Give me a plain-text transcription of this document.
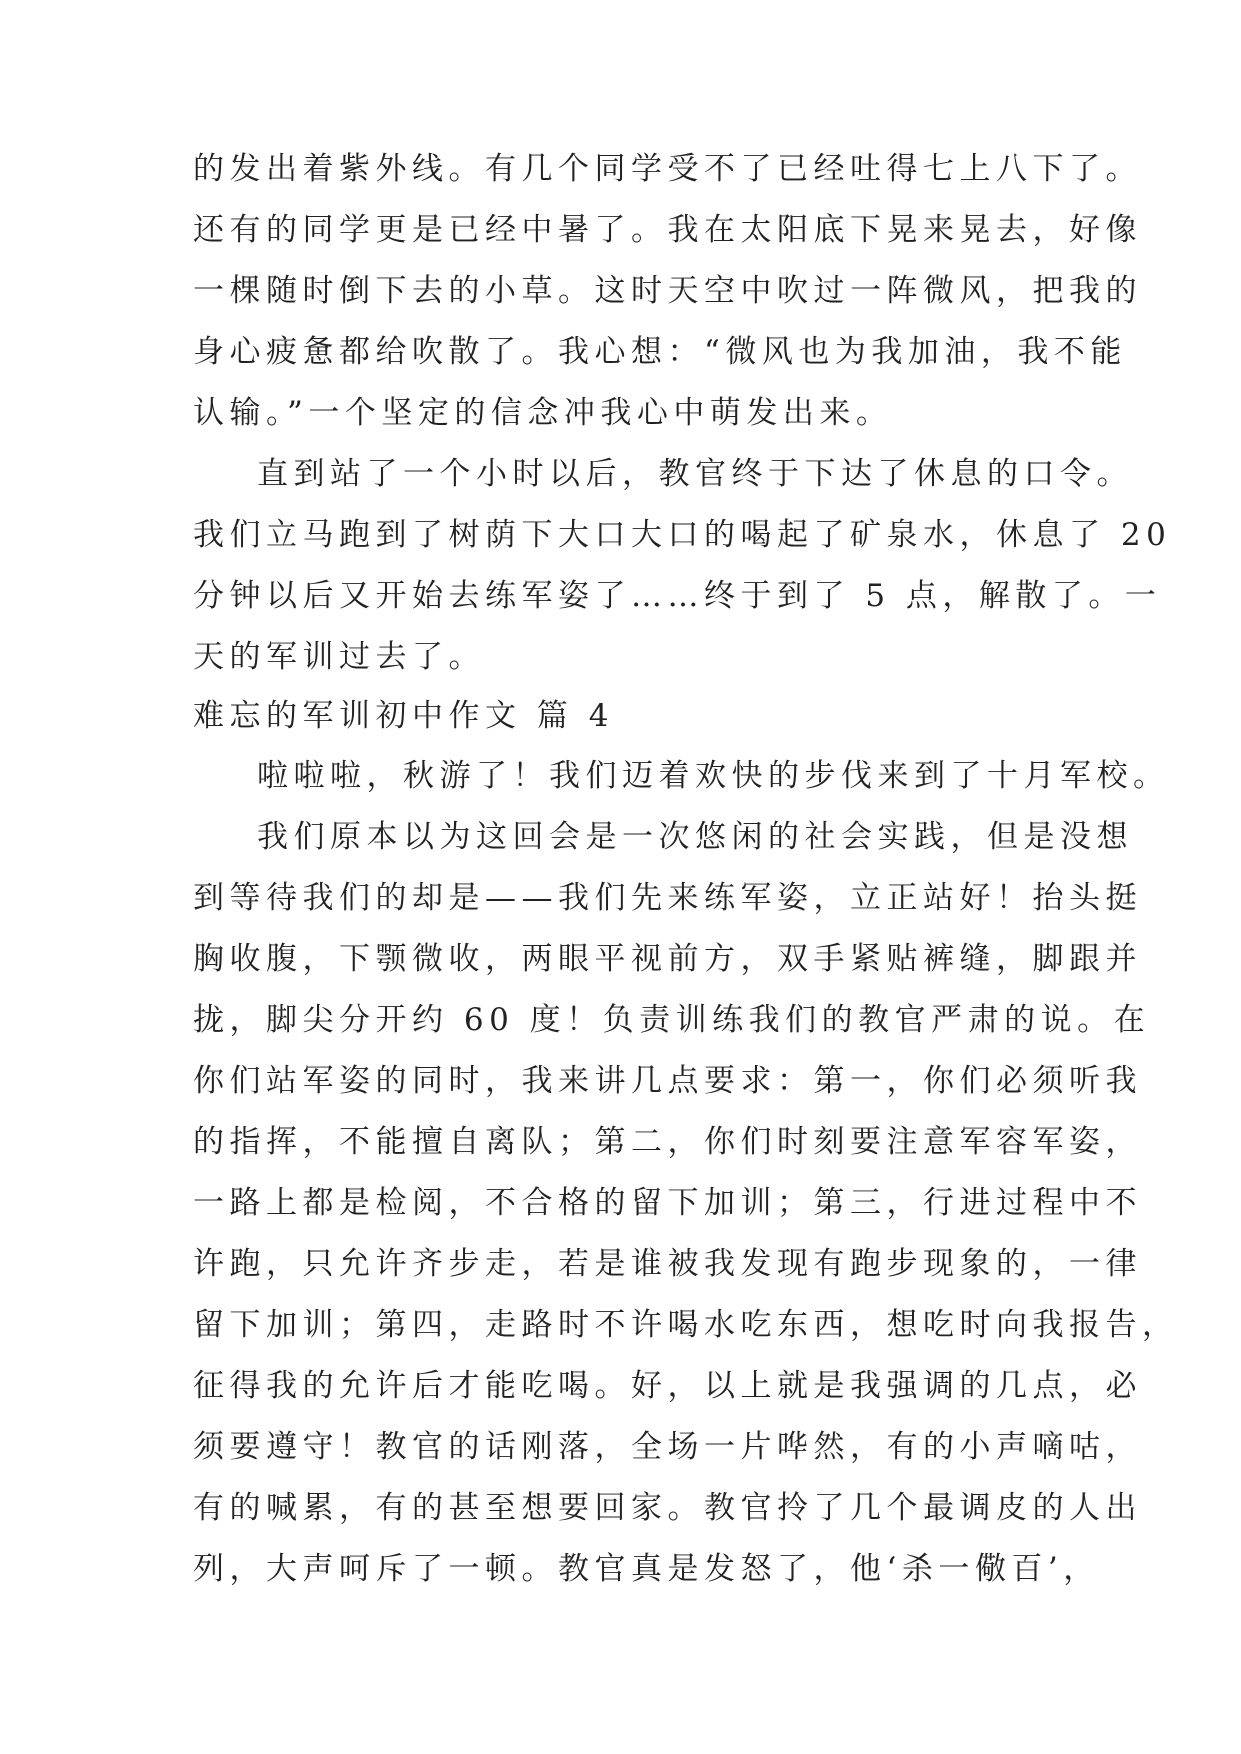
的发出着紫外线。有几个同学受不了已经吐得七上八下了。
还有的同学更是已经中暑了。我在太阳底下晃来晃去，好像
一棵随时倒下去的小草。这时天空中吹过一阵微风，把我的
身心疲惫都给吹散了。我心想：“微风也为我加油，我不能
认输。”一个坚定的信念冲我心中萌发出来。
直到站了一个小时以后，教官终于下达了休息的口令。
我们立马跑到了树荫下大口大口的喝起了矿泉水，休息了 20
分钟以后又开始去练军姿了……终于到了 5 点，解散了。一
天的军训过去了。
难忘的军训初中作文 篇 4
啦啦啦，秋游了！我们迈着欢快的步伐来到了十月军校。
我们原本以为这回会是一次悠闲的社会实践，但是没想
到等待我们的却是——我们先来练军姿，立正站好！抬头挺
胸收腹，下颚微收，两眼平视前方，双手紧贴裤缝，脚跟并
拢，脚尖分开约 60 度！负责训练我们的教官严肃的说。在
你们站军姿的同时，我来讲几点要求：第一，你们必须听我
的指挥，不能擅自离队；第二，你们时刻要注意军容军姿，
一路上都是检阅，不合格的留下加训；第三，行进过程中不
许跑，只允许齐步走，若是谁被我发现有跑步现象的，一律
留下加训；第四，走路时不许喝水吃东西，想吃时向我报告，
征得我的允许后才能吃喝。好，以上就是我强调的几点，必
须要遵守！教官的话刚落，全场一片哗然，有的小声嘀咕，
有的喊累，有的甚至想要回家。教官拎了几个最调皮的人出
列，大声呵斥了一顿。教官真是发怒了，他‘杀一儆百’，
